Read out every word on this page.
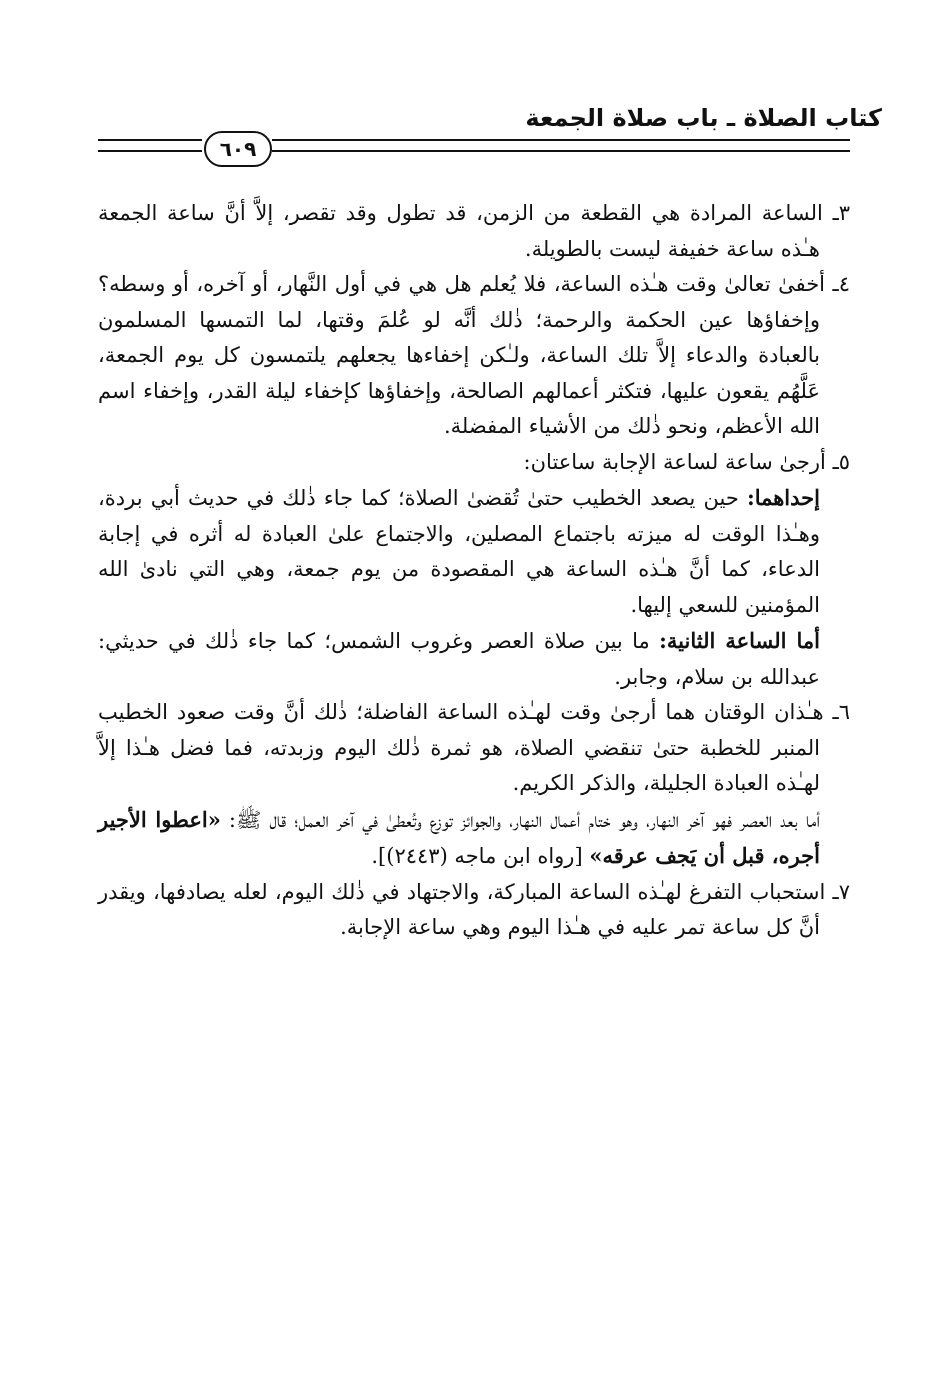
كتاب الصلاة ـ باب صلاة الجمعة
٦٠٩

٣ـ الساعة المرادة هي القطعة من الزمن، قد تطول وقد تقصر، إلاَّ أنَّ ساعة الجمعة هـٰذه ساعة خفيفة ليست بالطويلة.

٤ـ أخفىٰ تعالىٰ وقت هـٰذه الساعة، فلا يُعلم هل هي في أول النَّهار، أو آخره، أو وسطه؟ وإخفاؤها عين الحكمة والرحمة؛ ذٰلك أنَّه لو عُلمَ وقتها، لما التمسها المسلمون بالعبادة والدعاء إلاَّ تلك الساعة، ولـٰكن إخفاءها يجعلهم يلتمسون كل يوم الجمعة، عَلَّهُم يقعون عليها، فتكثر أعمالهم الصالحة، وإخفاؤها كإخفاء ليلة القدر، وإخفاء اسم الله الأعظم، ونحو ذٰلك من الأشياء المفضلة.

٥ـ أرجىٰ ساعة لساعة الإجابة ساعتان:

إحداهما: حين يصعد الخطيب حتىٰ تُقضىٰ الصلاة؛ كما جاء ذٰلك في حديث أبي بردة، وهـٰذا الوقت له ميزته باجتماع المصلين، والاجتماع علىٰ العبادة له أثره في إجابة الدعاء، كما أنَّ هـٰذه الساعة هي المقصودة من يوم جمعة، وهي التي نادىٰ الله المؤمنين للسعي إليها.

أما الساعة الثانية: ما بين صلاة العصر وغروب الشمس؛ كما جاء ذٰلك في حديثي: عبدالله بن سلام، وجابر.

٦ـ هـٰذان الوقتان هما أرجىٰ وقت لهـٰذه الساعة الفاضلة؛ ذٰلك أنَّ وقت صعود الخطيب المنبر للخطبة حتىٰ تنقضي الصلاة، هو ثمرة ذٰلك اليوم وزبدته، فما فضل هـٰذا إلاَّ لهـٰذه العبادة الجليلة، والذكر الكريم.

أما بعد العصر فهو آخر النهار، وهو ختام أعمال النهار، والجوائز توزع وتُعطىٰ في آخر العمل؛ قال ﷺ: «اعطوا الأجير أجره، قبل أن يَجف عرقه» [رواه ابن ماجه (٢٤٤٣)].

٧ـ استحباب التفرغ لهـٰذه الساعة المباركة، والاجتهاد في ذٰلك اليوم، لعله يصادفها، ويقدر أنَّ كل ساعة تمر عليه في هـٰذا اليوم وهي ساعة الإجابة.
